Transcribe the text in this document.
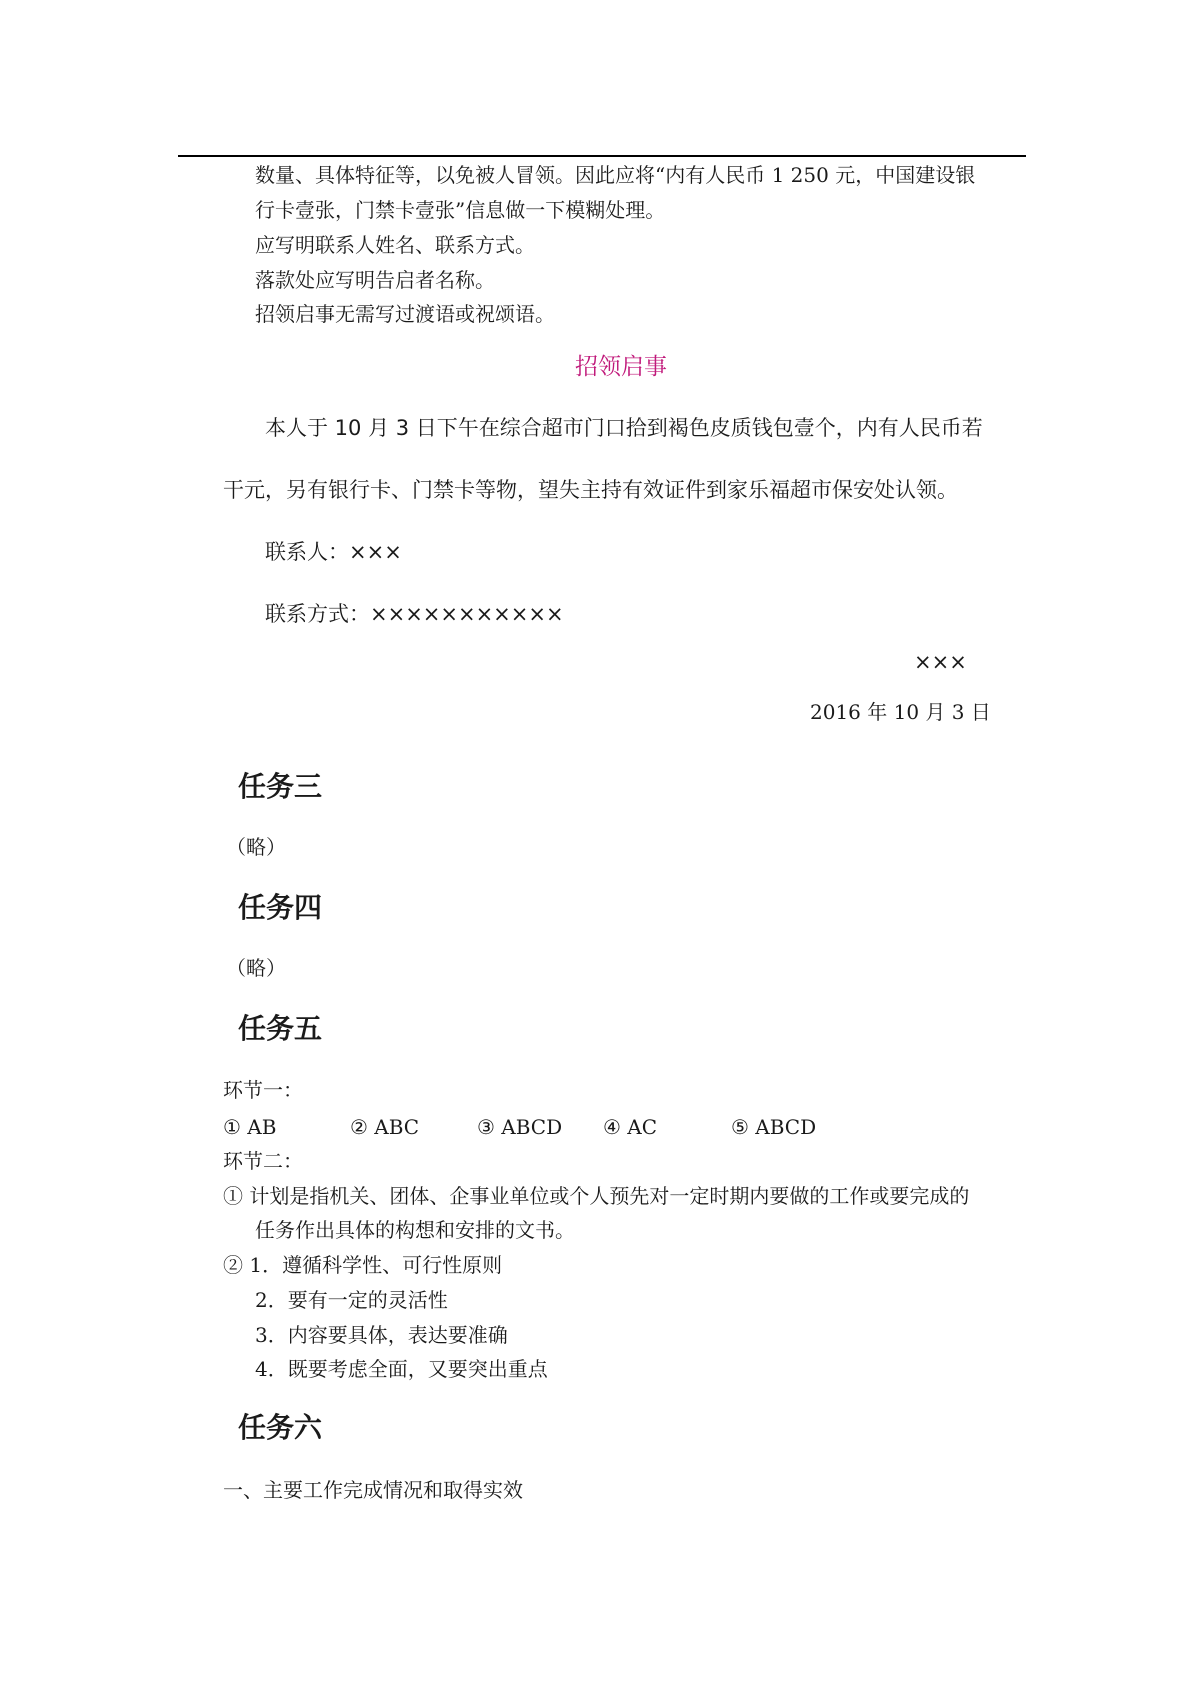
数量、具体特征等，以免被人冒领。因此应将“内有人民币 1 250 元，中国建设银
行卡壹张，门禁卡壹张”信息做一下模糊处理。
应写明联系人姓名、联系方式。
落款处应写明告启者名称。
招领启事无需写过渡语或祝颂语。
招领启事
本人于 10 月 3 日下午在综合超市门口拾到褐色皮质钱包壹个，内有人民币若
干元，另有银行卡、门禁卡等物，望失主持有效证件到家乐福超市保安处认领。
联系人：×××
联系方式：×××××××××××
×××
2016 年 10 月 3 日
任务三
（略）
任务四
（略）
任务五
环节一：
① AB	② ABC	③ ABCD ④ AC	⑤ ABCD
环节二：
① 计划是指机关、团体、企事业单位或个人预先对一定时期内要做的工作或要完成的
任务作出具体的构想和安排的文书。
② 1．遵循科学性、可行性原则
2．要有一定的灵活性
3．内容要具体，表达要准确
4．既要考虑全面，又要突出重点
任务六
一、主要工作完成情况和取得实效
